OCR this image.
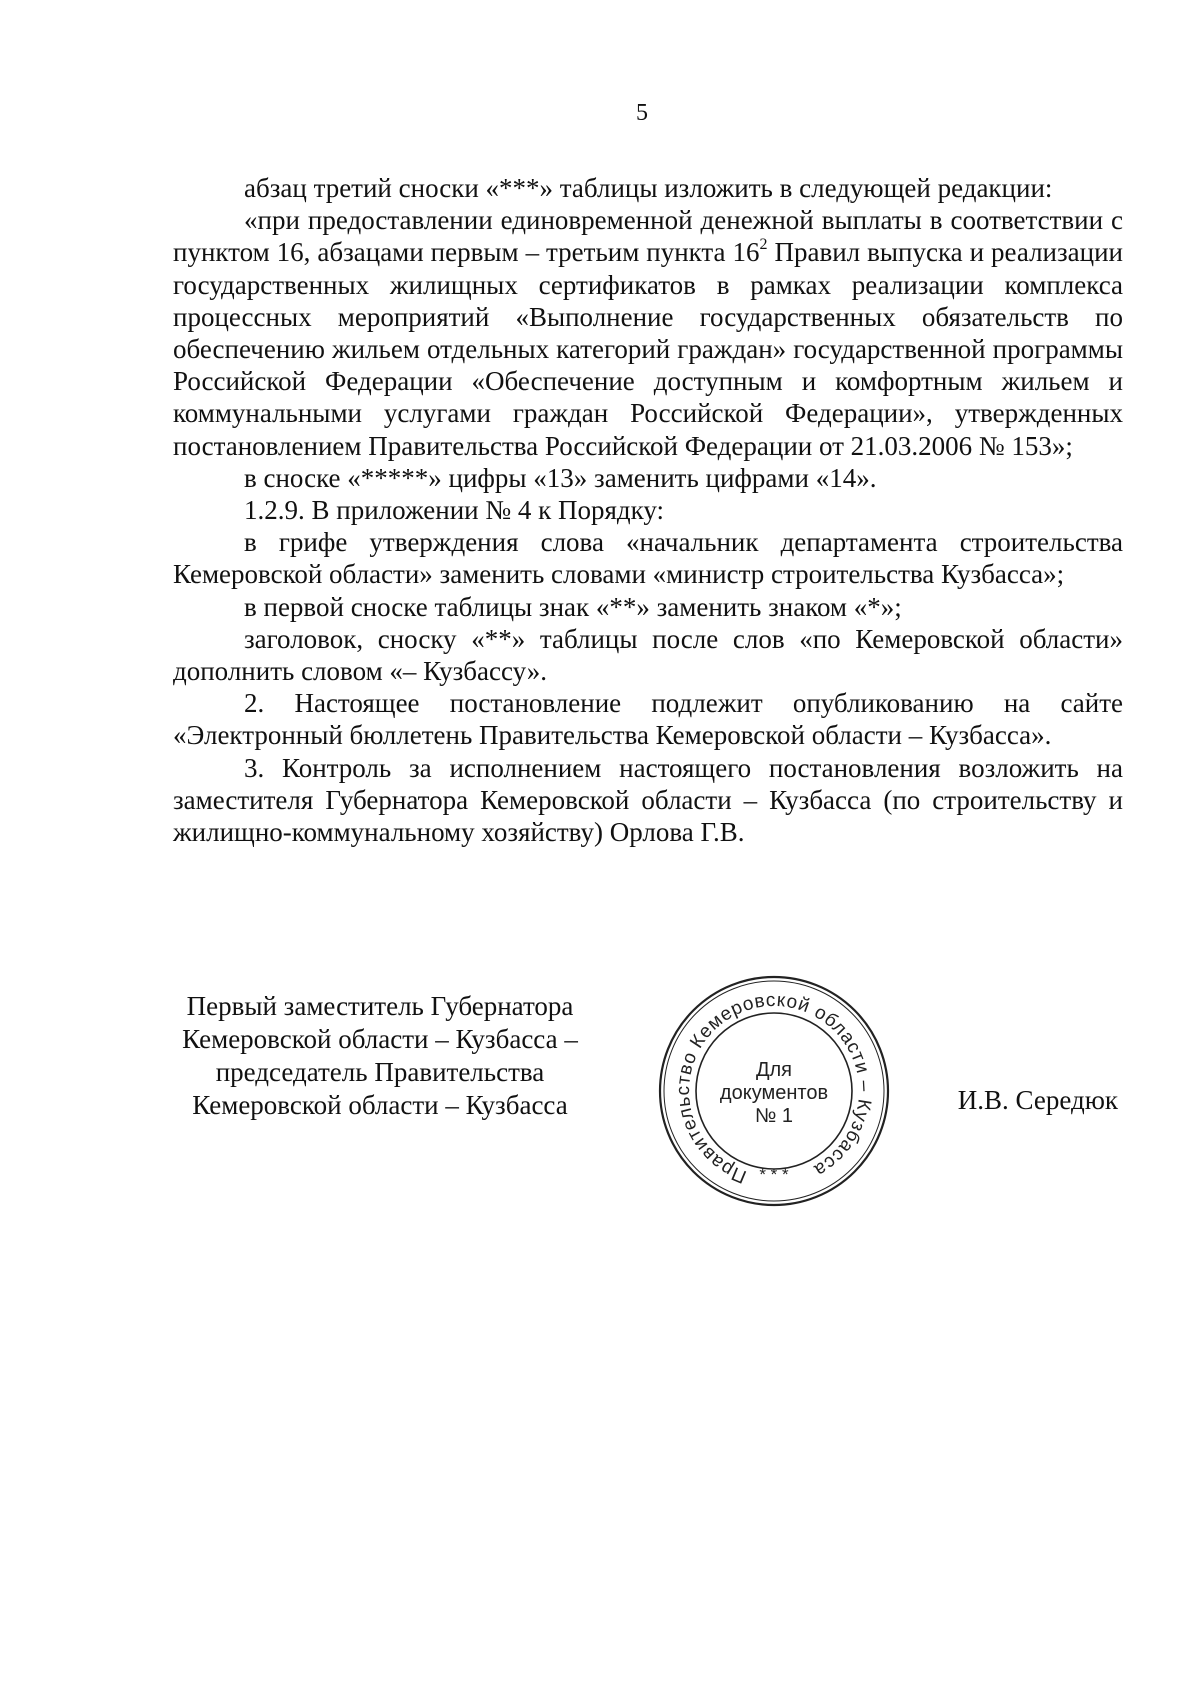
5

абзац третий сноски «***» таблицы изложить в следующей редакции:

«при предоставлении единовременной денежной выплаты в соответствии с пунктом 16, абзацами первым – третьим пункта $16^2$ Правил выпуска и реализации государственных жилищных сертификатов в рамках реализации комплекса процессных мероприятий «Выполнение государственных обязательств по обеспечению жильем отдельных категорий граждан» государственной программы Российской Федерации «Обеспечение доступным и комфортным жильем и коммунальными услугами граждан Российской Федерации», утвержденных постановлением Правительства Российской Федерации от 21.03.2006 № 153»;

в сноске «*****» цифры «13» заменить цифрами «14».

1.2.9. В приложении № 4 к Порядку:

в грифе утверждения слова «начальник департамента строительства Кемеровской области» заменить словами «министр строительства Кузбасса»;

в первой сноске таблицы знак «**» заменить знаком «*»;

заголовок, сноску «**» таблицы после слов «по Кемеровской области» дополнить словом «– Кузбассу».

2. Настоящее постановление подлежит опубликованию на сайте «Электронный бюллетень Правительства Кемеровской области – Кузбасса».

3. Контроль за исполнением настоящего постановления возложить на заместителя Губернатора Кемеровской области – Кузбасса (по строительству и жилищно-коммунальному хозяйству) Орлова Г.В.

Первый заместитель Губернатора
Кемеровской области – Кузбасса –
председатель Правительства
Кемеровской области – Кузбасса
Правительство Кемеровской области – Кузбасса
* * *
Для
документов
№ 1
И.В. Середюк
